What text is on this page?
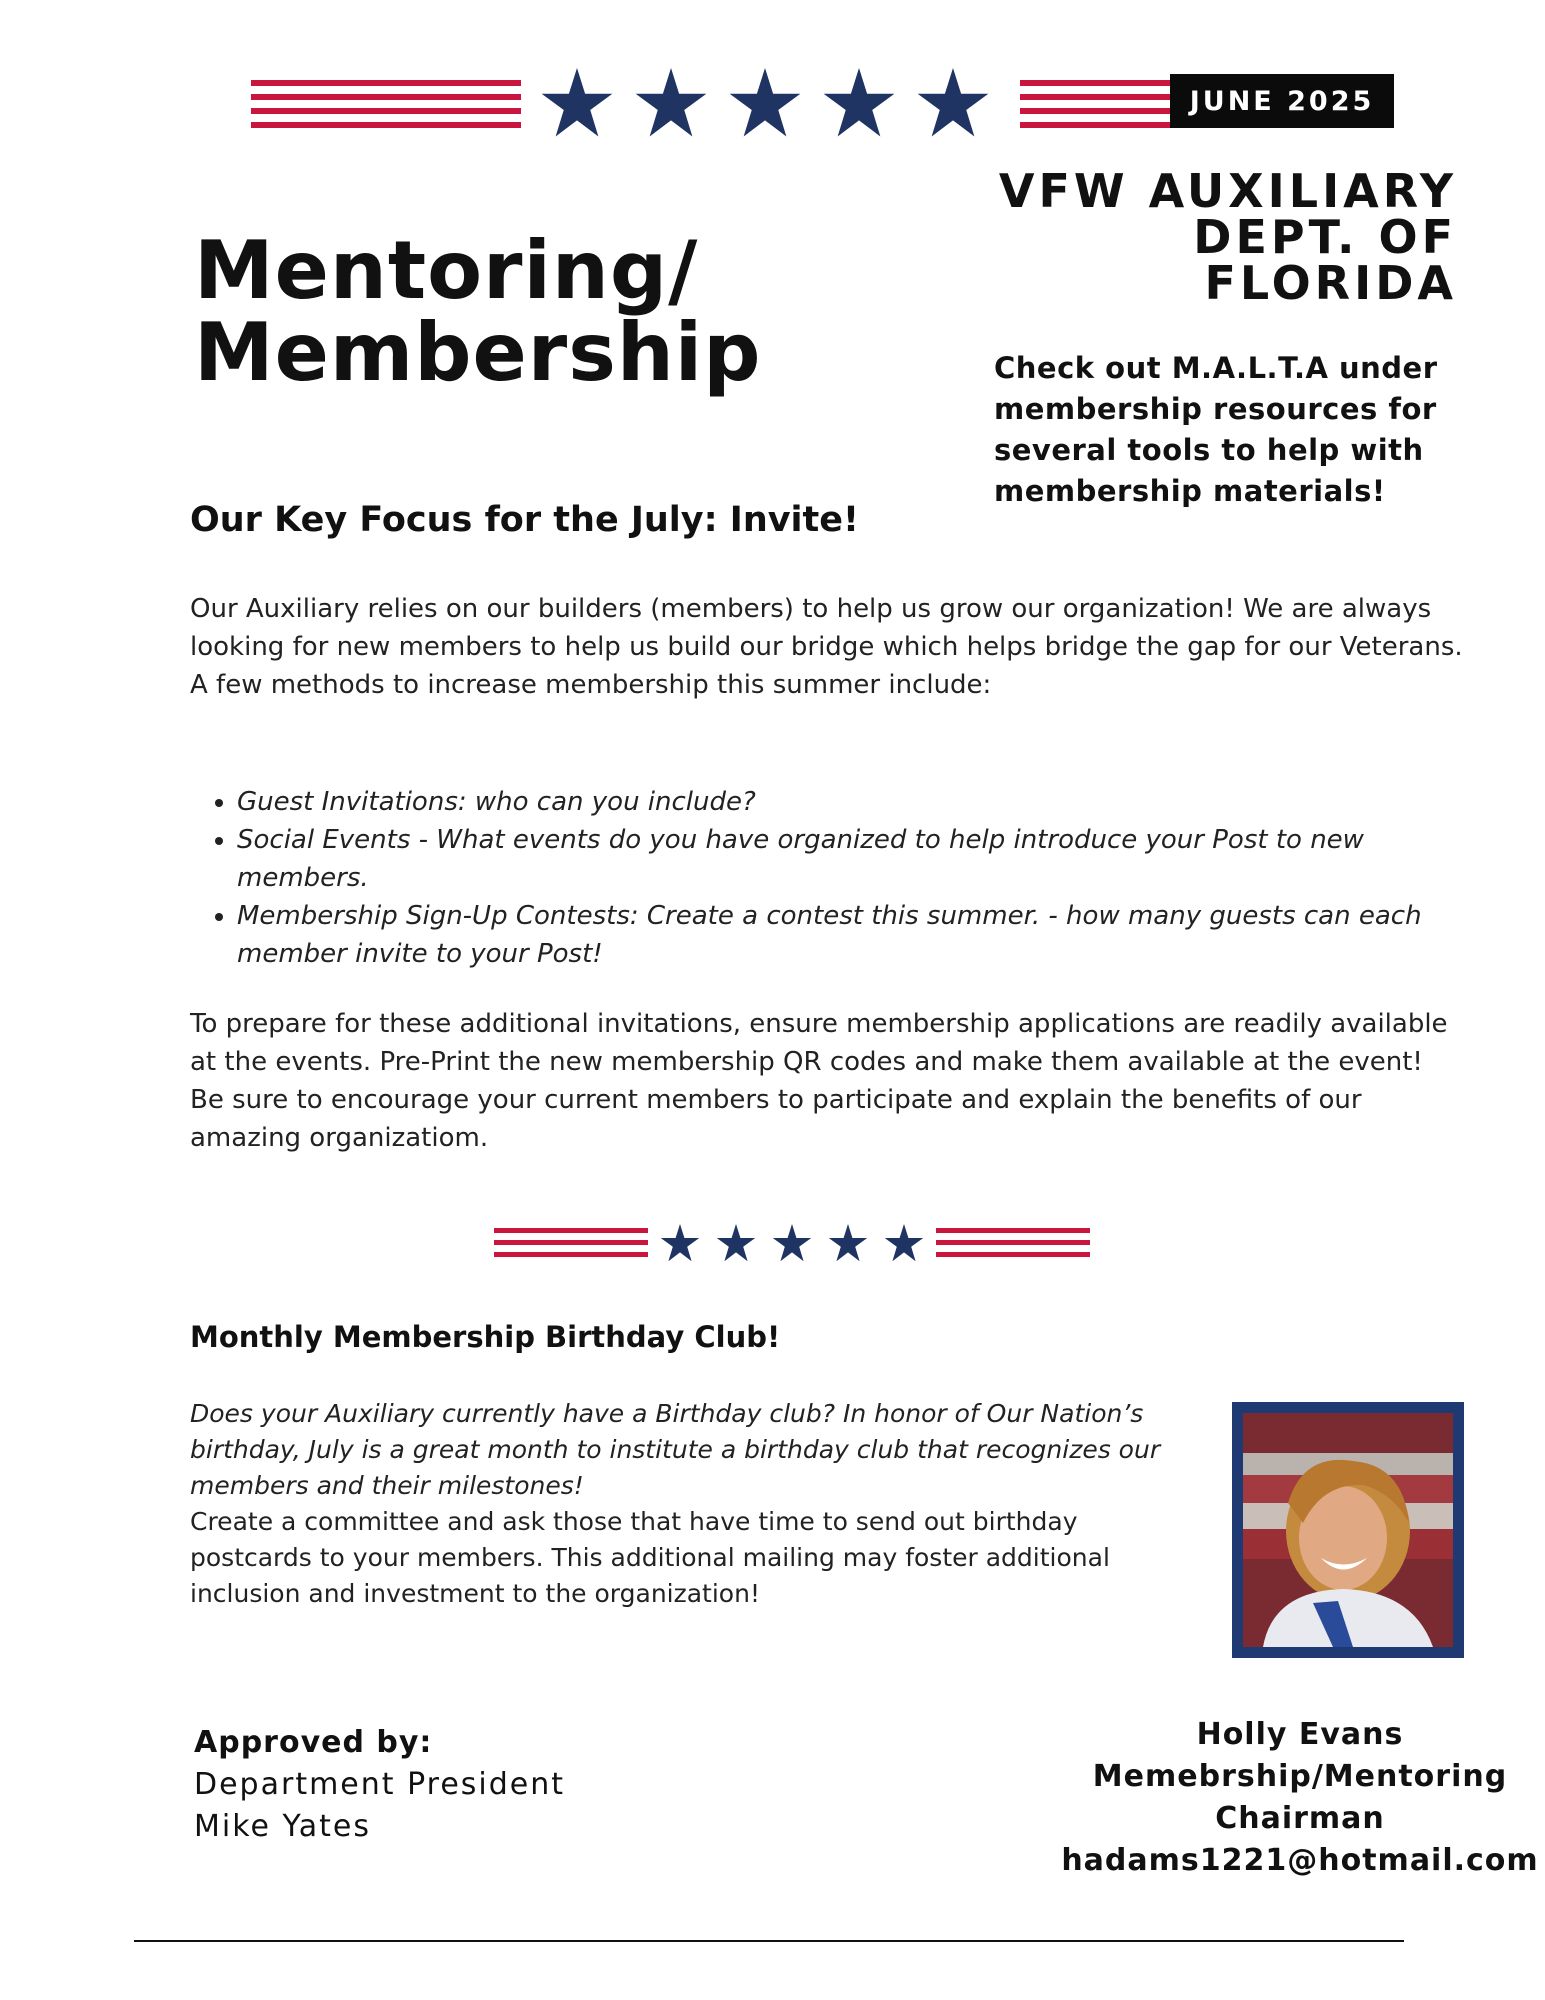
JUNE 2025
VFW AUXILIARY
DEPT. OF
FLORIDA
Mentoring/
Membership	Check out M.A.L.T.A under membership resources for several tools to help with membership materials!
Our Key Focus for the July: Invite!

Our Auxiliary relies on our builders (members) to help us grow our organization! We are always looking for new members to help us build our bridge which helps bridge the gap for our Veterans.

A few methods to increase membership this summer include:

• Guest Invitations: who can you include?
• Social Events - What events do you have organized to help introduce your Post to new members.
• Membership Sign-Up Contests: Create a contest this summer. - how many guests can each member invite to your Post!

To prepare for these additional invitations, ensure membership applications are readily available at the events. Pre-Print the new membership QR codes and make them available at the event!

Be sure to encourage your current members to participate and explain the benefits of our amazing organizatiom.

Monthly Membership Birthday Club!

Does your Auxiliary currently have a Birthday club? In honor of Our Nation’s birthday, July is a great month to institute a birthday club that recognizes our members and their milestones!

Create a committee and ask those that have time to send out birthday postcards to your members. This additional mailing may foster additional inclusion and investment to the organization!

Approved by:
Department President
Mike Yates
Holly Evans
Memebrship/Mentoring
Chairman
hadams1221@hotmail.com
